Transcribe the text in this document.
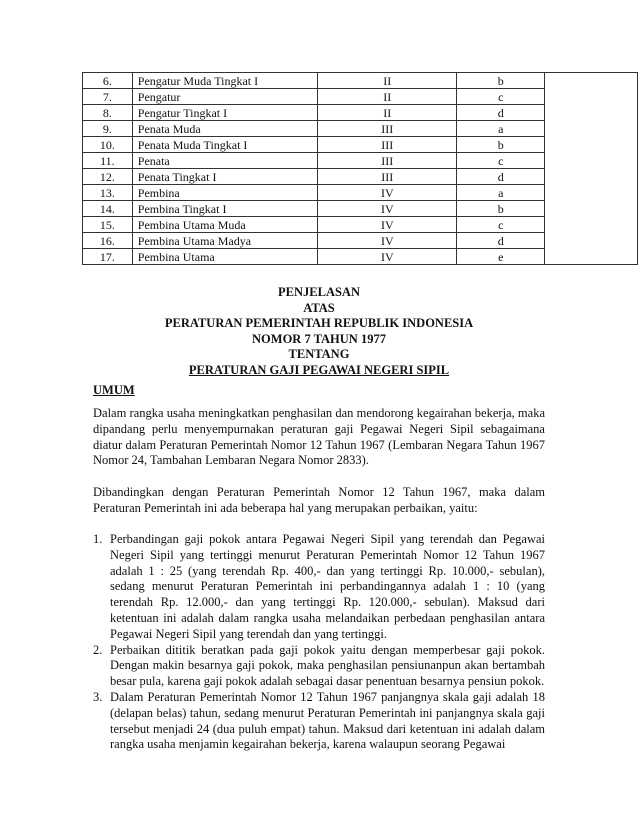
6.	Pengatur Muda Tingkat I	II	b	
7.	Pengatur	II	c	
8.	Pengatur Tingkat I	II	d	
9.	Penata Muda	III	a	
10.	Penata Muda Tingkat I	III	b	
11.	Penata	III	c	
12.	Penata Tingkat I	III	d	
13.	Pembina	IV	a	
14.	Pembina Tingkat I	IV	b	
15.	Pembina Utama Muda	IV	c	
16.	Pembina Utama Madya	IV	d	
17.	Pembina Utama	IV	e	
PENJELASAN
ATAS
PERATURAN PEMERINTAH REPUBLIK INDONESIA
NOMOR 7 TAHUN 1977
TENTANG
PERATURAN GAJI PEGAWAI NEGERI SIPIL
UMUM
Dalam rangka usaha meningkatkan penghasilan dan mendorong kegairahan bekerja, maka dipandang perlu menyempurnakan peraturan gaji Pegawai Negeri Sipil sebagaimana diatur dalam Peraturan Pemerintah Nomor 12 Tahun 1967 (Lembaran Negara Tahun 1967 Nomor 24, Tambahan Lembaran Negara Nomor 2833).
Dibandingkan dengan Peraturan Pemerintah Nomor 12 Tahun 1967, maka dalam Peraturan Pemerintah ini ada beberapa hal yang merupakan perbaikan, yaitu:
1. Perbandingan gaji pokok antara Pegawai Negeri Sipil yang terendah dan Pegawai Negeri Sipil yang tertinggi menurut Peraturan Pemerintah Nomor 12 Tahun 1967 adalah 1 : 25 (yang terendah Rp. 400,- dan yang tertinggi Rp. 10.000,- sebulan), sedang menurut Peraturan Pemerintah ini perbandingannya adalah 1 : 10 (yang terendah Rp. 12.000,- dan yang tertinggi Rp. 120.000,- sebulan). Maksud dari ketentuan ini adalah dalam rangka usaha melandaikan perbedaan penghasilan antara Pegawai Negeri Sipil yang terendah dan yang tertinggi.
2. Perbaikan dititik beratkan pada gaji pokok yaitu dengan memperbesar gaji pokok. Dengan makin besarnya gaji pokok, maka penghasilan pensiunanpun akan bertambah besar pula, karena gaji pokok adalah sebagai dasar penentuan besarnya pensiun pokok.
3. Dalam Peraturan Pemerintah Nomor 12 Tahun 1967 panjangnya skala gaji adalah 18 (delapan belas) tahun, sedang menurut Peraturan Pemerintah ini panjangnya skala gaji tersebut menjadi 24 (dua puluh empat) tahun. Maksud dari ketentuan ini adalah dalam rangka usaha menjamin kegairahan bekerja, karena walaupun seorang Pegawai
